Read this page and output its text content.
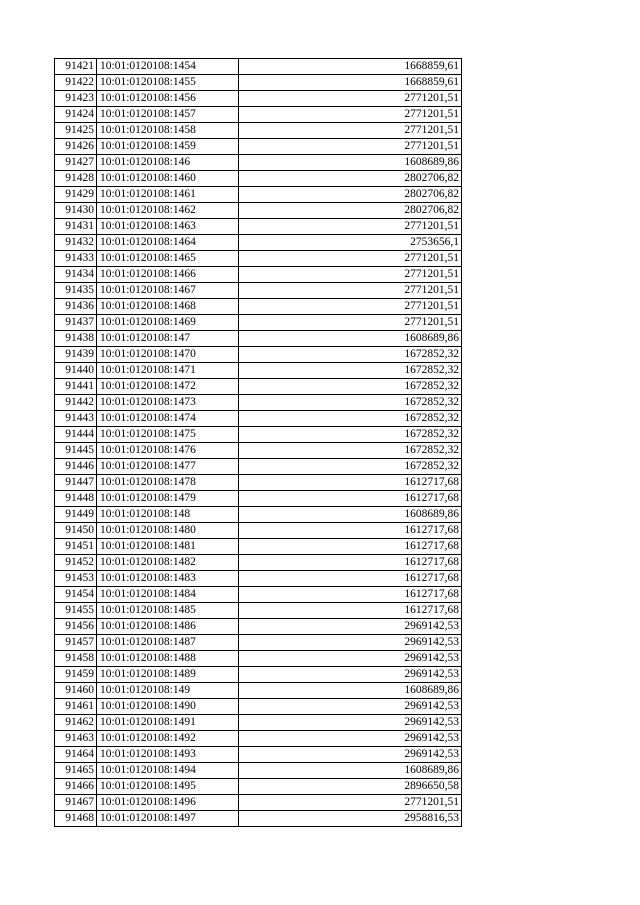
91421	10:01:0120108:1454	1668859,61
91422	10:01:0120108:1455	1668859,61
91423	10:01:0120108:1456	2771201,51
91424	10:01:0120108:1457	2771201,51
91425	10:01:0120108:1458	2771201,51
91426	10:01:0120108:1459	2771201,51
91427	10:01:0120108:146	1608689,86
91428	10:01:0120108:1460	2802706,82
91429	10:01:0120108:1461	2802706,82
91430	10:01:0120108:1462	2802706,82
91431	10:01:0120108:1463	2771201,51
91432	10:01:0120108:1464	2753656,1
91433	10:01:0120108:1465	2771201,51
91434	10:01:0120108:1466	2771201,51
91435	10:01:0120108:1467	2771201,51
91436	10:01:0120108:1468	2771201,51
91437	10:01:0120108:1469	2771201,51
91438	10:01:0120108:147	1608689,86
91439	10:01:0120108:1470	1672852,32
91440	10:01:0120108:1471	1672852,32
91441	10:01:0120108:1472	1672852,32
91442	10:01:0120108:1473	1672852,32
91443	10:01:0120108:1474	1672852,32
91444	10:01:0120108:1475	1672852,32
91445	10:01:0120108:1476	1672852,32
91446	10:01:0120108:1477	1672852,32
91447	10:01:0120108:1478	1612717,68
91448	10:01:0120108:1479	1612717,68
91449	10:01:0120108:148	1608689,86
91450	10:01:0120108:1480	1612717,68
91451	10:01:0120108:1481	1612717,68
91452	10:01:0120108:1482	1612717,68
91453	10:01:0120108:1483	1612717,68
91454	10:01:0120108:1484	1612717,68
91455	10:01:0120108:1485	1612717,68
91456	10:01:0120108:1486	2969142,53
91457	10:01:0120108:1487	2969142,53
91458	10:01:0120108:1488	2969142,53
91459	10:01:0120108:1489	2969142,53
91460	10:01:0120108:149	1608689,86
91461	10:01:0120108:1490	2969142,53
91462	10:01:0120108:1491	2969142,53
91463	10:01:0120108:1492	2969142,53
91464	10:01:0120108:1493	2969142,53
91465	10:01:0120108:1494	1608689,86
91466	10:01:0120108:1495	2896650,58
91467	10:01:0120108:1496	2771201,51
91468	10:01:0120108:1497	2958816,53
